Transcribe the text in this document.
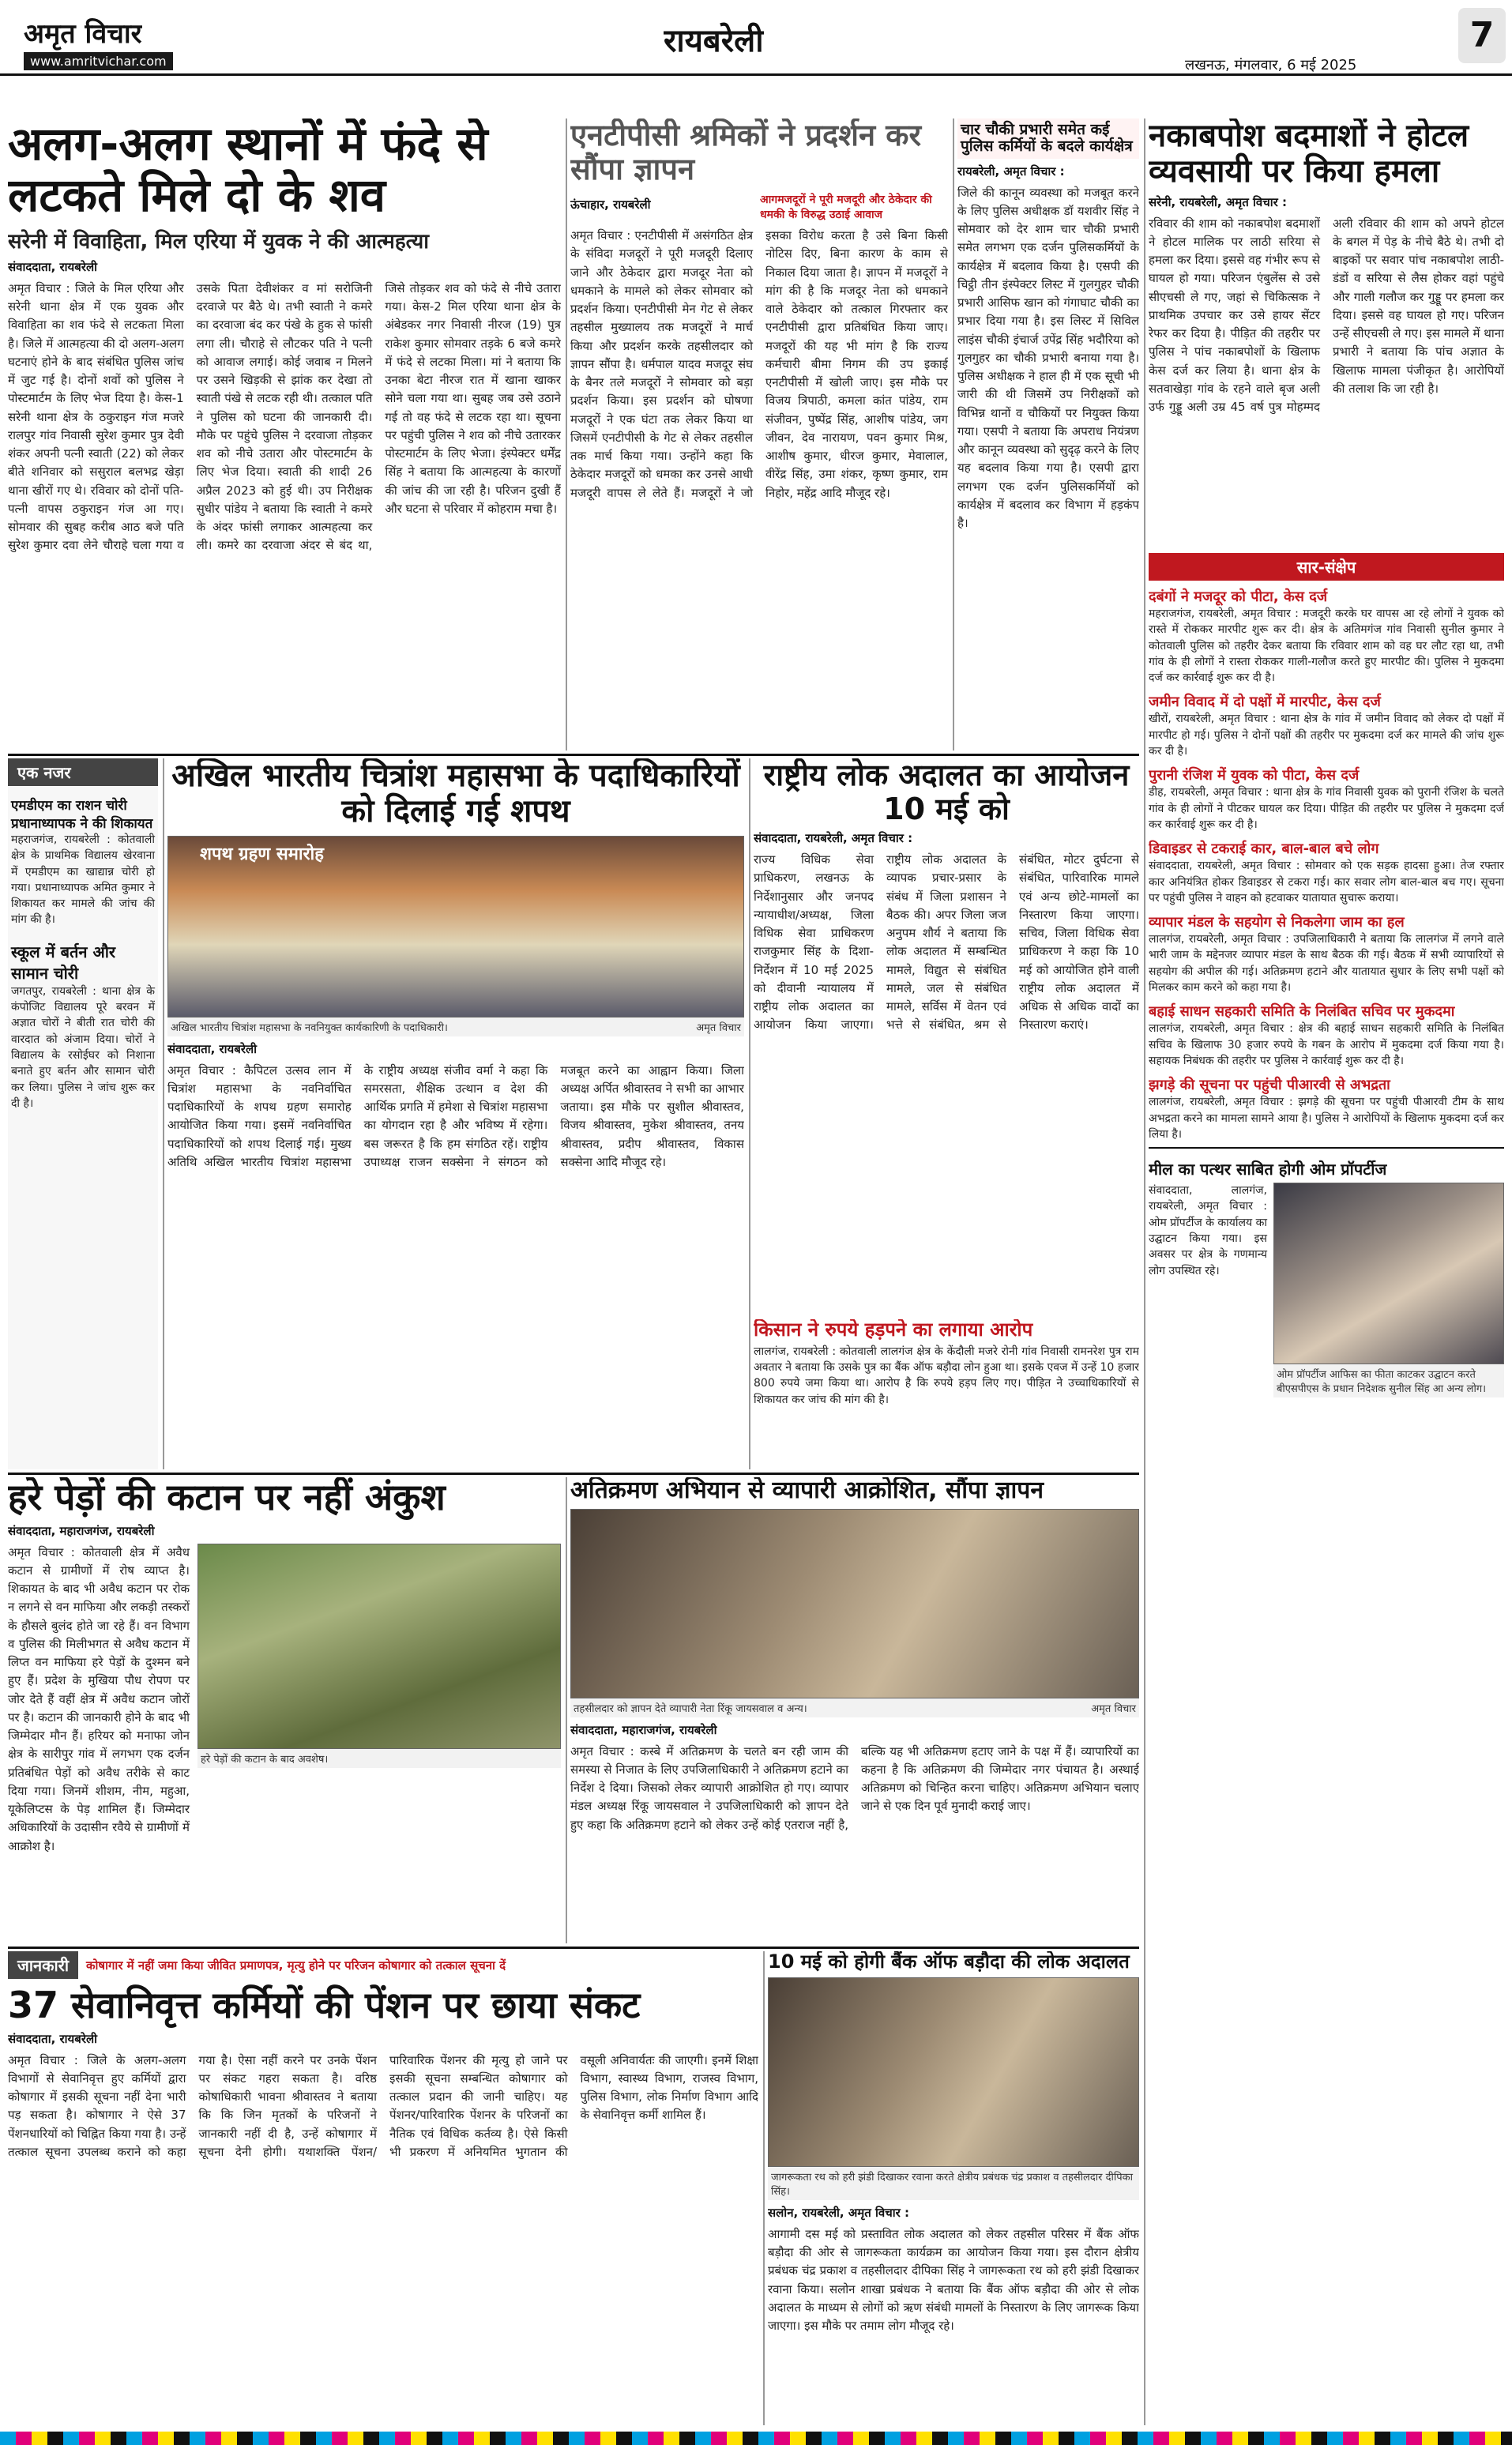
अमृत विचार
www.amritvichar.com
रायबरेली
लखनऊ, मंगलवार, 6 मई 2025
7
अलग-अलग स्थानों में फंदे से लटकते मिले दो के शव
सरेनी में विवाहिता, मिल एरिया में युवक ने की आत्महत्या
संवाददाता, रायबरेली
अमृत विचार : जिले के मिल एरिया और सरेनी थाना क्षेत्र में एक युवक और विवाहिता का शव फंदे से लटकता मिला है। जिले में आत्महत्या की दो अलग-अलग घटनाएं होने के बाद संबंधित पुलिस जांच में जुट गई है। दोनों शवों को पुलिस ने पोस्टमार्टम के लिए भेज दिया है। केस-1 सरेनी थाना क्षेत्र के ठकुराइन गंज मजरे रालपुर गांव निवासी सुरेश कुमार पुत्र देवी शंकर अपनी पत्नी स्वाती (22) को लेकर बीते शनिवार को ससुराल बलभद्र खेड़ा थाना खीरों गए थे। रविवार को दोनों पति-पत्नी वापस ठकुराइन गंज आ गए। सोमवार की सुबह करीब आठ बजे पति सुरेश कुमार दवा लेने चौराहे चला गया व उसके पिता देवीशंकर व मां सरोजिनी दरवाजे पर बैठे थे। तभी स्वाती ने कमरे का दरवाजा बंद कर पंखे के हुक से फांसी लगा ली। चौराहे से लौटकर पति ने पत्नी को आवाज लगाई। कोई जवाब न मिलने पर उसने खिड़की से झांक कर देखा तो स्वाती पंखे से लटक रही थी। तत्काल पति ने पुलिस को घटना की जानकारी दी। मौके पर पहुंचे पुलिस ने दरवाजा तोड़कर शव को नीचे उतारा और पोस्टमार्टम के लिए भेज दिया। स्वाती की शादी 26 अप्रैल 2023 को हुई थी। उप निरीक्षक सुधीर पांडेय ने बताया कि स्वाती ने कमरे के अंदर फांसी लगाकर आत्महत्या कर ली। कमरे का दरवाजा अंदर से बंद था, जिसे तोड़कर शव को फंदे से नीचे उतारा गया। केस-2 मिल एरिया थाना क्षेत्र के अंबेडकर नगर निवासी नीरज (19) पुत्र राकेश कुमार सोमवार तड़के 6 बजे कमरे में फंदे से लटका मिला। मां ने बताया कि उनका बेटा नीरज रात में खाना खाकर सोने चला गया था। सुबह जब उसे उठाने गई तो वह फंदे से लटक रहा था। सूचना पर पहुंची पुलिस ने शव को नीचे उतारकर पोस्टमार्टम के लिए भेजा। इंस्पेक्टर धर्मेंद्र सिंह ने बताया कि आत्महत्या के कारणों की जांच की जा रही है। परिजन दुखी हैं और घटना से परिवार में कोहराम मचा है।
एनटीपीसी श्रमिकों ने प्रदर्शन कर सौंपा ज्ञापन
ऊंचाहार, रायबरेली	आगमजदूरों ने पूरी मजदूरी और ठेकेदार की धमकी के विरुद्ध उठाई आवाज
अमृत विचार : एनटीपीसी में असंगठित क्षेत्र के संविदा मजदूरों ने पूरी मजदूरी दिलाए जाने और ठेकेदार द्वारा मजदूर नेता को धमकाने के मामले को लेकर सोमवार को प्रदर्शन किया। एनटीपीसी मेन गेट से लेकर तहसील मुख्यालय तक मजदूरों ने मार्च किया और प्रदर्शन करके तहसीलदार को ज्ञापन सौंपा है। धर्मपाल यादव मजदूर संघ के बैनर तले मजदूरों ने सोमवार को बड़ा प्रदर्शन किया। इस प्रदर्शन को घोषणा मजदूरों ने एक घंटा तक लेकर किया था जिसमें एनटीपीसी के गेट से लेकर तहसील तक मार्च किया गया। उन्होंने कहा कि ठेकेदार मजदूरों को धमका कर उनसे आधी मजदूरी वापस ले लेते हैं। मजदूरों ने जो इसका विरोध करता है उसे बिना किसी नोटिस दिए, बिना कारण के काम से निकाल दिया जाता है। ज्ञापन में मजदूरों ने मांग की है कि मजदूर नेता को धमकाने वाले ठेकेदार को तत्काल गिरफ्तार कर एनटीपीसी द्वारा प्रतिबंधित किया जाए। मजदूरों की यह भी मांग है कि राज्य कर्मचारी बीमा निगम की उप इकाई एनटीपीसी में खोली जाए। इस मौके पर विजय त्रिपाठी, कमला कांत पांडेय, राम संजीवन, पुष्पेंद्र सिंह, आशीष पांडेय, जग जीवन, देव नारायण, पवन कुमार मिश्र, आशीष कुमार, धीरज कुमार, मेवालाल, वीरेंद्र सिंह, उमा शंकर, कृष्ण कुमार, राम निहोर, महेंद्र आदि मौजूद रहे।
चार चौकी प्रभारी समेत कई पुलिस कर्मियों के बदले कार्यक्षेत्र
रायबरेली, अमृत विचार :
जिले की कानून व्यवस्था को मजबूत करने के लिए पुलिस अधीक्षक डॉ यशवीर सिंह ने सोमवार को देर शाम चार चौकी प्रभारी समेत लगभग एक दर्जन पुलिसकर्मियों के कार्यक्षेत्र में बदलाव किया है। एसपी की चिट्ठी तीन इंस्पेक्टर लिस्ट में गुलगुहर चौकी प्रभारी आसिफ खान को गंगाघाट चौकी का प्रभार दिया गया है। इस लिस्ट में सिविल लाइंस चौकी इंचार्ज उपेंद्र सिंह भदौरिया को गुलगुहर का चौकी प्रभारी बनाया गया है। पुलिस अधीक्षक ने हाल ही में एक सूची भी जारी की थी जिसमें उप निरीक्षकों को विभिन्न थानों व चौकियों पर नियुक्त किया गया। एसपी ने बताया कि अपराध नियंत्रण और कानून व्यवस्था को सुदृढ़ करने के लिए यह बदलाव किया गया है। एसपी द्वारा लगभग एक दर्जन पुलिसकर्मियों को कार्यक्षेत्र में बदलाव कर विभाग में हड़कंप है।
नकाबपोश बदमाशों ने होटल व्यवसायी पर किया हमला
सरेनी, रायबरेली, अमृत विचार :
रविवार की शाम को नकाबपोश बदमाशों ने होटल मालिक पर लाठी सरिया से हमला कर दिया। इससे वह गंभीर रूप से घायल हो गया। परिजन एंबुलेंस से उसे सीएचसी ले गए, जहां से चिकित्सक ने प्राथमिक उपचार कर उसे हायर सेंटर रेफर कर दिया है। पीड़ित की तहरीर पर पुलिस ने पांच नकाबपोशों के खिलाफ केस दर्ज कर लिया है। थाना क्षेत्र के सतवाखेड़ा गांव के रहने वाले बृज अली उर्फ गुड्डू अली उम्र 45 वर्ष पुत्र मोहम्मद अली रविवार की शाम को अपने होटल के बगल में पेड़ के नीचे बैठे थे। तभी दो बाइकों पर सवार पांच नकाबपोश लाठी-डंडों व सरिया से लैस होकर वहां पहुंचे और गाली गलौज कर गुड्डू पर हमला कर दिया। इससे वह घायल हो गए। परिजन उन्हें सीएचसी ले गए। इस मामले में थाना प्रभारी ने बताया कि पांच अज्ञात के खिलाफ मामला पंजीकृत है। आरोपियों की तलाश कि जा रही है।
सार-संक्षेप
दबंगों ने मजदूर को पीटा, केस दर्ज
महराजगंज, रायबरेली, अमृत विचार : मजदूरी करके घर वापस आ रहे लोगों ने युवक को रास्ते में रोककर मारपीट शुरू कर दी। क्षेत्र के अतिमगंज गांव निवासी सुनील कुमार ने कोतवाली पुलिस को तहरीर देकर बताया कि रविवार शाम को वह घर लौट रहा था, तभी गांव के ही लोगों ने रास्ता रोककर गाली-गलौज करते हुए मारपीट की। पुलिस ने मुकदमा दर्ज कर कार्रवाई शुरू कर दी है।
जमीन विवाद में दो पक्षों में मारपीट, केस दर्ज
खीरों, रायबरेली, अमृत विचार : थाना क्षेत्र के गांव में जमीन विवाद को लेकर दो पक्षों में मारपीट हो गई। पुलिस ने दोनों पक्षों की तहरीर पर मुकदमा दर्ज कर मामले की जांच शुरू कर दी है।
पुरानी रंजिश में युवक को पीटा, केस दर्ज
डीह, रायबरेली, अमृत विचार : थाना क्षेत्र के गांव निवासी युवक को पुरानी रंजिश के चलते गांव के ही लोगों ने पीटकर घायल कर दिया। पीड़ित की तहरीर पर पुलिस ने मुकदमा दर्ज कर कार्रवाई शुरू कर दी है।
डिवाइडर से टकराई कार, बाल-बाल बचे लोग
संवाददाता, रायबरेली, अमृत विचार : सोमवार को एक सड़क हादसा हुआ। तेज रफ्तार कार अनियंत्रित होकर डिवाइडर से टकरा गई। कार सवार लोग बाल-बाल बच गए। सूचना पर पहुंची पुलिस ने वाहन को हटवाकर यातायात सुचारू कराया।
व्यापार मंडल के सहयोग से निकलेगा जाम का हल
लालगंज, रायबरेली, अमृत विचार : उपजिलाधिकारी ने बताया कि लालगंज में लगने वाले भारी जाम के मद्देनजर व्यापार मंडल के साथ बैठक की गई। बैठक में सभी व्यापारियों से सहयोग की अपील की गई। अतिक्रमण हटाने और यातायात सुधार के लिए सभी पक्षों को मिलकर काम करने को कहा गया है।
बहाई साधन सहकारी समिति के निलंबित सचिव पर मुकदमा
लालगंज, रायबरेली, अमृत विचार : क्षेत्र की बहाई साधन सहकारी समिति के निलंबित सचिव के खिलाफ 30 हजार रुपये के गबन के आरोप में मुकदमा दर्ज किया गया है। सहायक निबंधक की तहरीर पर पुलिस ने कार्रवाई शुरू कर दी है।
झगड़े की सूचना पर पहुंची पीआरवी से अभद्रता
लालगंज, रायबरेली, अमृत विचार : झगड़े की सूचना पर पहुंची पीआरवी टीम के साथ अभद्रता करने का मामला सामने आया है। पुलिस ने आरोपियों के खिलाफ मुकदमा दर्ज कर लिया है।
मील का पत्थर साबित होगी ओम प्रॉपर्टीज
संवाददाता, लालगंज, रायबरेली, अमृत विचार : ओम प्रॉपर्टीज के कार्यालय का उद्घाटन किया गया। इस अवसर पर क्षेत्र के गणमान्य लोग उपस्थित रहे।
ओम प्रॉपर्टीज आफिस का फीता काटकर उद्घाटन करते बीएसपीएस के प्रधान निदेशक सुनील सिंह आ अन्य लोग।
एक नजर
एमडीएम का राशन चोरी प्रधानाध्यापक ने की शिकायत
महराजगंज, रायबरेली : कोतवाली क्षेत्र के प्राथमिक विद्यालय खेरवाना में एमडीएम का खाद्यान्न चोरी हो गया। प्रधानाध्यापक अमित कुमार ने शिकायत कर मामले की जांच की मांग की है।
स्कूल में बर्तन और सामान चोरी
जगतपुर, रायबरेली : थाना क्षेत्र के कंपोजिट विद्यालय पूरे बरवन में अज्ञात चोरों ने बीती रात चोरी की वारदात को अंजाम दिया। चोरों ने विद्यालय के रसोईघर को निशाना बनाते हुए बर्तन और सामान चोरी कर लिया। पुलिस ने जांच शुरू कर दी है।
अखिल भारतीय चित्रांश महासभा के पदाधिकारियों को दिलाई गई शपथ
शपथ ग्रहण समारोह
अखिल भारतीय चित्रांश महासभा के नवनियुक्त कार्यकारिणी के पदाधिकारी।	अमृत विचार
संवाददाता, रायबरेली
अमृत विचार : कैपिटल उत्सव लान में चित्रांश महासभा के नवनिर्वाचित पदाधिकारियों के शपथ ग्रहण समारोह आयोजित किया गया। इसमें नवनिर्वाचित पदाधिकारियों को शपथ दिलाई गई। मुख्य अतिथि अखिल भारतीय चित्रांश महासभा के राष्ट्रीय अध्यक्ष संजीव वर्मा ने कहा कि समरसता, शैक्षिक उत्थान व देश की आर्थिक प्रगति में हमेशा से चित्रांश महासभा का योगदान रहा है और भविष्य में रहेगा। बस जरूरत है कि हम संगठित रहें। राष्ट्रीय उपाध्यक्ष राजन सक्सेना ने संगठन को मजबूत करने का आह्वान किया। जिला अध्यक्ष अर्पित श्रीवास्तव ने सभी का आभार जताया। इस मौके पर सुशील श्रीवास्तव, विजय श्रीवास्तव, मुकेश श्रीवास्तव, तनय श्रीवास्तव, प्रदीप श्रीवास्तव, विकास सक्सेना आदि मौजूद रहे।
राष्ट्रीय लोक अदालत का आयोजन 10 मई को
संवाददाता, रायबरेली, अमृत विचार :
राज्य विधिक सेवा प्राधिकरण, लखनऊ के निर्देशानुसार और जनपद न्यायाधीश/अध्यक्ष, जिला विधिक सेवा प्राधिकरण राजकुमार सिंह के दिशा-निर्देशन में 10 मई 2025 को दीवानी न्यायालय में राष्ट्रीय लोक अदालत का आयोजन किया जाएगा। राष्ट्रीय लोक अदालत के व्यापक प्रचार-प्रसार के संबंध में जिला प्रशासन ने बैठक की। अपर जिला जज अनुपम शौर्य ने बताया कि लोक अदालत में सम्बन्धित मामले, विद्युत से संबंधित मामले, जल से संबंधित मामले, सर्विस में वेतन एवं भत्ते से संबंधित, श्रम से संबंधित, मोटर दुर्घटना से संबंधित, पारिवारिक मामले एवं अन्य छोटे-मामलों का निस्तारण किया जाएगा। सचिव, जिला विधिक सेवा प्राधिकरण ने कहा कि 10 मई को आयोजित होने वाली राष्ट्रीय लोक अदालत में अधिक से अधिक वादों का निस्तारण कराएं।
किसान ने रुपये हड़पने का लगाया आरोप
लालगंज, रायबरेली : कोतवाली लालगंज क्षेत्र के केंदौली मजरे रोनी गांव निवासी रामनरेश पुत्र राम अवतार ने बताया कि उसके पुत्र का बैंक ऑफ बड़ौदा लोन हुआ था। इसके एवज में उन्हें 10 हजार 800 रुपये जमा किया था। आरोप है कि रुपये हड़प लिए गए। पीड़ित ने उच्चाधिकारियों से शिकायत कर जांच की मांग की है।
हरे पेड़ों की कटान पर नहीं अंकुश
संवाददाता, महाराजगंज, रायबरेली
अमृत विचार : कोतवाली क्षेत्र में अवैध कटान से ग्रामीणों में रोष व्याप्त है। शिकायत के बाद भी अवैध कटान पर रोक न लगने से वन माफिया और लकड़ी तस्करों के हौसले बुलंद होते जा रहे हैं। वन विभाग व पुलिस की मिलीभगत से अवैध कटान में लिप्त वन माफिया हरे पेड़ों के दुश्मन बने हुए हैं। प्रदेश के मुखिया पौध रोपण पर जोर देते हैं वहीं क्षेत्र में अवैध कटान जोरों पर है। कटान की जानकारी होने के बाद भी जिम्मेदार मौन हैं। हरियर को मनाफा जोन क्षेत्र के सारीपुर गांव में लगभग एक दर्जन प्रतिबंधित पेड़ों को अवैध तरीके से काट दिया गया। जिनमें शीशम, नीम, महुआ, यूकेलिप्टस के पेड़ शामिल हैं। जिम्मेदार अधिकारियों के उदासीन रवैये से ग्रामीणों में आक्रोश है।
हरे पेड़ों की कटान के बाद अवशेष।
अतिक्रमण अभियान से व्यापारी आक्रोशित, सौंपा ज्ञापन
तहसीलदार को ज्ञापन देते व्यापारी नेता रिंकू जायसवाल व अन्य।	अमृत विचार
संवाददाता, महाराजगंज, रायबरेली
अमृत विचार : कस्बे में अतिक्रमण के चलते बन रही जाम की समस्या से निजात के लिए उपजिलाधिकारी ने अतिक्रमण हटाने का निर्देश दे दिया। जिसको लेकर व्यापारी आक्रोशित हो गए। व्यापार मंडल अध्यक्ष रिंकू जायसवाल ने उपजिलाधिकारी को ज्ञापन देते हुए कहा कि अतिक्रमण हटाने को लेकर उन्हें कोई एतराज नहीं है, बल्कि यह भी अतिक्रमण हटाए जाने के पक्ष में हैं। व्यापारियों का कहना है कि अतिक्रमण की जिम्मेदार नगर पंचायत है। अस्थाई अतिक्रमण को चिन्हित करना चाहिए। अतिक्रमण अभियान चलाए जाने से एक दिन पूर्व मुनादी कराई जाए।
जानकारी	कोषागार में नहीं जमा किया जीवित प्रमाणपत्र, मृत्यु होने पर परिजन कोषागार को तत्काल सूचना दें
37 सेवानिवृत्त कर्मियों की पेंशन पर छाया संकट
संवाददाता, रायबरेली
अमृत विचार : जिले के अलग-अलग विभागों से सेवानिवृत्त हुए कर्मियों द्वारा कोषागार में इसकी सूचना नहीं देना भारी पड़ सकता है। कोषागार ने ऐसे 37 पेंशनधारियों को चिह्नित किया गया है। उन्हें तत्काल सूचना उपलब्ध कराने को कहा गया है। ऐसा नहीं करने पर उनके पेंशन पर संकट गहरा सकता है। वरिष्ठ कोषाधिकारी भावना श्रीवास्तव ने बताया कि कि जिन मृतकों के परिजनों ने जानकारी नहीं दी है, उन्हें कोषागार में सूचना देनी होगी। यथाशक्ति पेंशन/पारिवारिक पेंशनर की मृत्यु हो जाने पर इसकी सूचना सम्बन्धित कोषागार को तत्काल प्रदान की जानी चाहिए। यह पेंशनर/पारिवारिक पेंशनर के परिजनों का नैतिक एवं विधिक कर्तव्य है। ऐसे किसी भी प्रकरण में अनियमित भुगतान की वसूली अनिवार्यतः की जाएगी। इनमें शिक्षा विभाग, स्वास्थ्य विभाग, राजस्व विभाग, पुलिस विभाग, लोक निर्माण विभाग आदि के सेवानिवृत्त कर्मी शामिल हैं।
10 मई को होगी बैंक ऑफ बड़ौदा की लोक अदालत
जागरूकता रथ को हरी झंडी दिखाकर रवाना करते क्षेत्रीय प्रबंधक चंद्र प्रकाश व तहसीलदार दीपिका सिंह।
सलोन, रायबरेली, अमृत विचार :
आगामी दस मई को प्रस्तावित लोक अदालत को लेकर तहसील परिसर में बैंक ऑफ बड़ौदा की ओर से जागरूकता कार्यक्रम का आयोजन किया गया। इस दौरान क्षेत्रीय प्रबंधक चंद्र प्रकाश व तहसीलदार दीपिका सिंह ने जागरूकता रथ को हरी झंडी दिखाकर रवाना किया। सलोन शाखा प्रबंधक ने बताया कि बैंक ऑफ बड़ौदा की ओर से लोक अदालत के माध्यम से लोगों को ऋण संबंधी मामलों के निस्तारण के लिए जागरूक किया जाएगा। इस मौके पर तमाम लोग मौजूद रहे।
